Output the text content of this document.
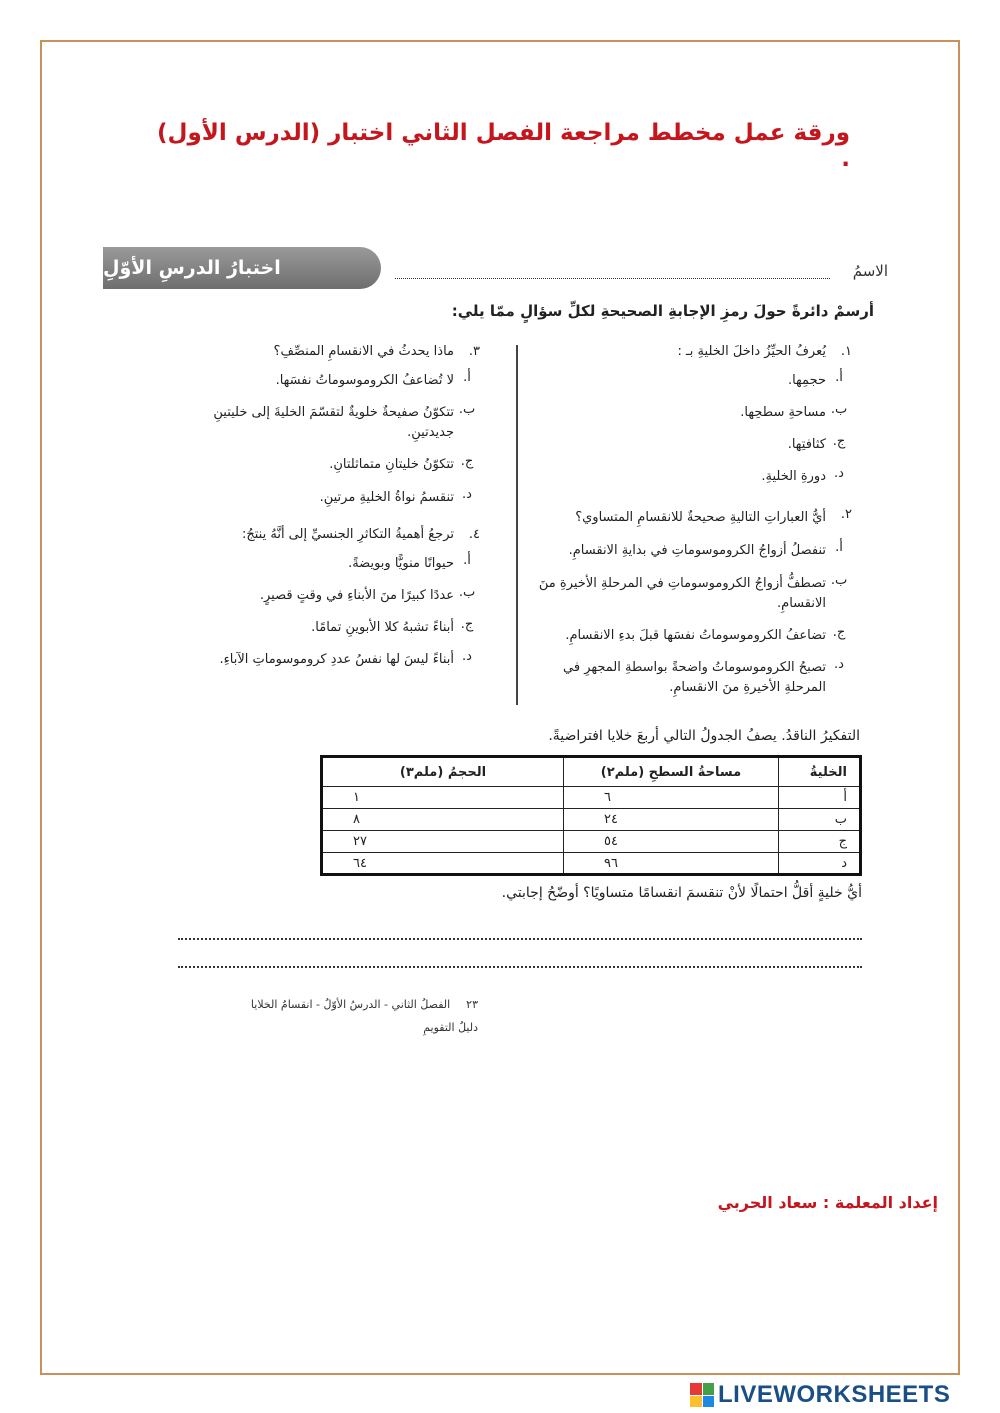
ورقة عمل مخطط مراجعة الفصل الثاني اختبار (الدرس الأول) .
اختبارُ الدرسِ الأوّلِ	الاسمُ
أرسمْ دائرةً حولَ رمزِ الإجابةِ الصحيحةِ لكلِّ سؤالٍ ممّا يلي:
١.
يُعرفُ الحيِّزُ داخلَ الخليةِ بـ :
أ.
حجمِها.
ب.
مساحةِ سطحِها.
ج.
كثافتِها.
د.
دورةِ الخليةِ.
٢.
أيُّ العباراتِ التاليةِ صحيحةٌ للانقسامِ المتساوي؟
أ.
تنفصلُ أزواجُ الكروموسوماتِ في بدايةِ الانقسامِ.
ب.
تصطفُّ أزواجُ الكروموسوماتِ في المرحلةِ الأخيرةِ منَ الانقسامِ.
ج.
تضاعفُ الكروموسوماتُ نفسَها قبلَ بدءِ الانقسامِ.
د.
تصبحُ الكروموسوماتُ واضحةً بواسطةِ المجهرِ في المرحلةِ الأخيرةِ منَ الانقسامِ.
٣.
ماذا يحدثُ في الانقسامِ المنصِّفِ؟
أ.
لا تُضاعفُ الكروموسوماتُ نفسَها.
ب.
تتكوّنُ صفيحةٌ خلويةٌ لتقسّمَ الخليةَ إلى خليتينِ جديدتينِ.
ج.
تتكوّنُ خليتانِ متماثلتانِ.
د.
تنقسمُ نواةُ الخليةِ مرتينِ.
٤.
ترجعُ أهميةُ التكاثرِ الجنسيِّ إلى أنَّهُ ينتجُ:
أ.
حيوانًا منويًّا وبويضةً.
ب.
عددًا كبيرًا منَ الأبناءِ في وقتٍ قصيرٍ.
ج.
أبناءً تشبهُ كلا الأبوينِ تمامًا.
د.
أبناءً ليسَ لها نفسُ عددِ كروموسوماتِ الآباءِ.
التفكيرُ الناقدُ. يصفُ الجدولُ التالي أربعَ خلايا افتراضيةً.
الخليةُ	مساحةُ السطحِ (ملم٢)	الحجمُ (ملم٣)
أ	٦	١
ب	٢٤	٨
ج	٥٤	٢٧
د	٩٦	٦٤
أيُّ خليةٍ أقلُّ احتمالًا لأنْ تنقسمَ انقسامًا متساويًا؟ أوضّحُ إجابتي.
٢٣
الفصلُ الثاني - الدرسُ الأوّلُ - انقسامُ الخلايا
دليلُ التقويمِ
إعداد المعلمة : سعاد الحربي
LIVEWORKSHEETS
